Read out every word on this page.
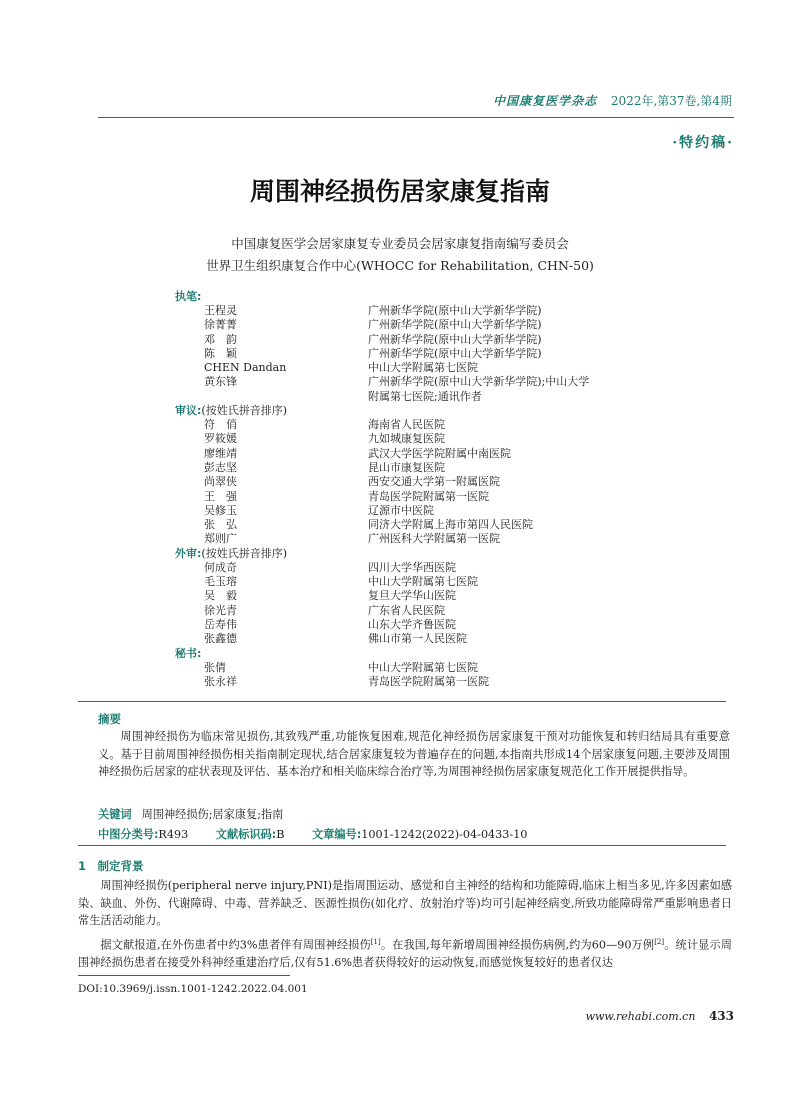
中国康复医学杂志 2022年,第37卷,第4期
·特约稿·
周围神经损伤居家康复指南
中国康复医学会居家康复专业委员会居家康复指南编写委员会
世界卫生组织康复合作中心(WHOCC for Rehabilitation, CHN-50)
执笔:
王程灵	广州新华学院(原中山大学新华学院)
徐菁菁	广州新华学院(原中山大学新华学院)
邓　韵	广州新华学院(原中山大学新华学院)
陈　颖	广州新华学院(原中山大学新华学院)
CHEN Dandan	中山大学附属第七医院
黄东锋	广州新华学院(原中山大学新华学院);中山大学
附属第七医院;通讯作者
审议:(按姓氏拼音排序)
符　俏	海南省人民医院
罗筱媛	九如城康复医院
廖维靖	武汉大学医学院附属中南医院
彭志坚	昆山市康复医院
尚翠侠	西安交通大学第一附属医院
王　强	青岛医学院附属第一医院
吴修玉	辽源市中医院
张　弘	同济大学附属上海市第四人民医院
郑则广	广州医科大学附属第一医院
外审:(按姓氏拼音排序)
何成奇	四川大学华西医院
毛玉瑢	中山大学附属第七医院
吴　毅	复旦大学华山医院
徐光青	广东省人民医院
岳寿伟	山东大学齐鲁医院
张鑫德	佛山市第一人民医院
秘书:
张倩	中山大学附属第七医院
张永祥	青岛医学院附属第一医院
摘要
周围神经损伤为临床常见损伤,其致残严重,功能恢复困难,规范化神经损伤居家康复干预对功能恢复和转归结局具有重要意义。基于目前周围神经损伤相关指南制定现状,结合居家康复较为普遍存在的问题,本指南共形成14个居家康复问题,主要涉及周围神经损伤后居家的症状表现及评估、基本治疗和相关临床综合治疗等,为周围神经损伤居家康复规范化工作开展提供指导。
关键词 周围神经损伤;居家康复;指南
中图分类号:R493 文献标识码:B 文章编号:1001-1242(2022)-04-0433-10
1　制定背景
周围神经损伤(peripheral nerve injury,PNI)是指周围运动、感觉和自主神经的结构和功能障碍,临床上相当多见,许多因素如感染、缺血、外伤、代谢障碍、中毒、营养缺乏、医源性损伤(如化疗、放射治疗等)均可引起神经病变,所致功能障碍常严重影响患者日常生活活动能力。
据文献报道,在外伤患者中约3%患者伴有周围神经损伤[1]。在我国,每年新增周围神经损伤病例,约为60—90万例[2]。统计显示周围神经损伤患者在接受外科神经重建治疗后,仅有51.6%患者获得较好的运动恢复,而感觉恢复较好的患者仅达
DOI:10.3969/j.issn.1001-1242.2022.04.001
www.rehabi.com.cn 433
